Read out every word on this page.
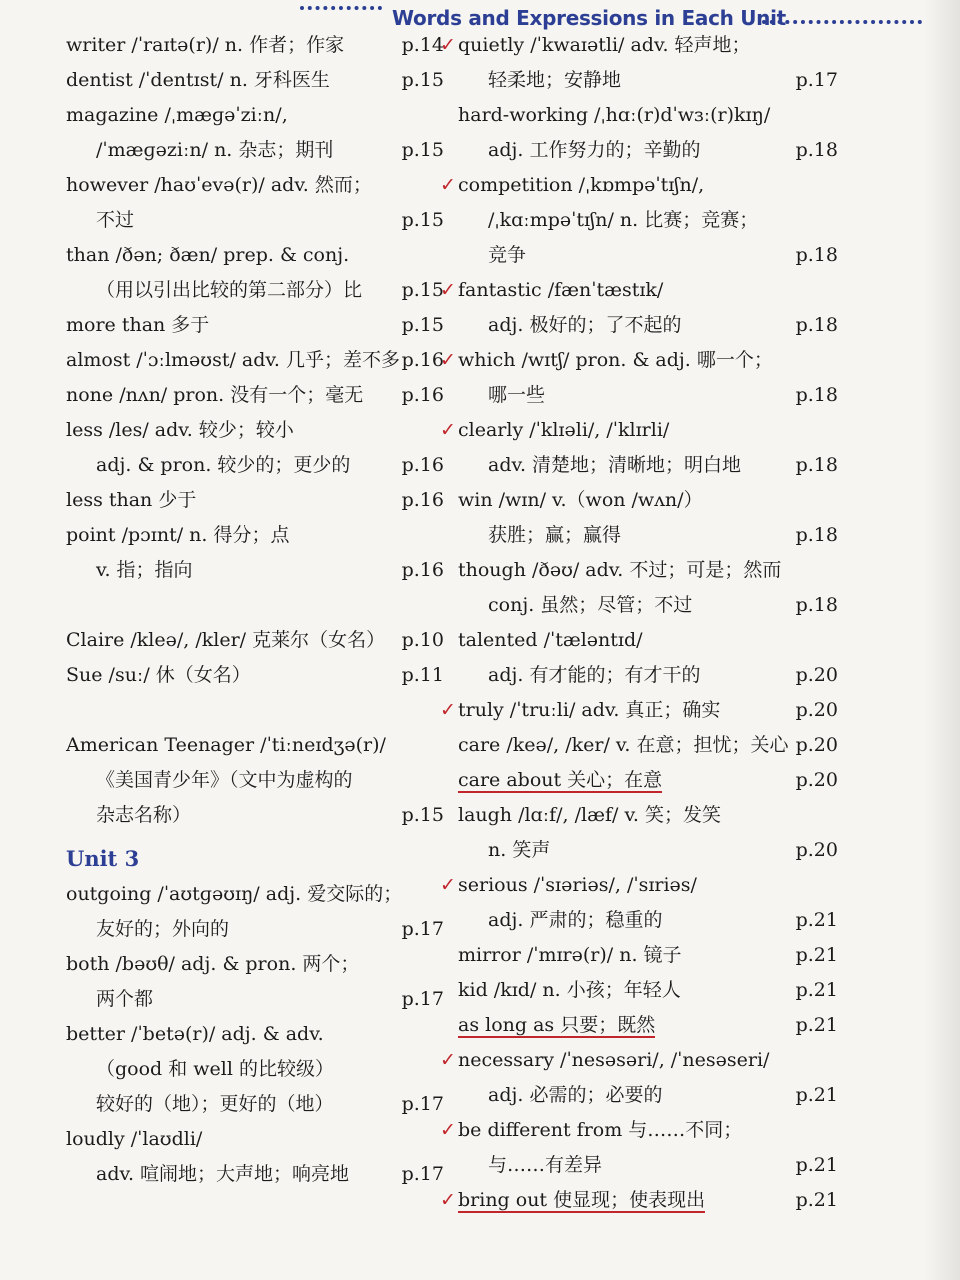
Words and Expressions in Each Unit
writer /ˈraɪtə(r)/ n. 作者；作家	p.14
dentist /ˈdentɪst/ n. 牙科医生	p.15
magazine /ˌmæɡəˈziːn/,
/ˈmæɡəziːn/ n. 杂志；期刊	p.15
however /haʊˈevə(r)/ adv. 然而；
不过	p.15
than /ðən; ðæn/ prep. & conj.
（用以引出比较的第二部分）比 p.15
more than 多于	p.15
almost /ˈɔːlməʊst/ adv. 几乎；差不多 p.16
none /nʌn/ pron. 没有一个；毫无 p.16
less /les/ adv. 较少；较小
adj. & pron. 较少的；更少的	p.16
less than 少于	p.16
point /pɔɪnt/ n. 得分；点
v. 指；指向	p.16
Claire /kleə/, /kler/ 克莱尔（女名） p.10
Sue /suː/ 休（女名）	p.11
American Teenager /ˈtiːneɪdʒə(r)/
《美国青少年》（文中为虚构的
杂志名称）	p.15
Unit 3
outgoing /ˈaʊtɡəʊɪŋ/ adj. 爱交际的；
友好的；外向的	p.17
both /bəʊθ/ adj. & pron. 两个；
两个都	p.17
better /ˈbetə(r)/ adj. & adv.
（good 和 well 的比较级）
较好的（地）；更好的（地）	p.17
loudly /ˈlaʊdli/
adv. 喧闹地；大声地；响亮地	p.17
✓ quietly /ˈkwaɪətli/ adv. 轻声地；
轻柔地；安静地	p.17
hard-working /ˌhɑː(r)dˈwɜː(r)kɪŋ/
adj. 工作努力的；辛勤的	p.18
✓ competition /ˌkɒmpəˈtɪʃn/,
/ˌkɑːmpəˈtɪʃn/ n. 比赛；竞赛；
竞争	p.18
✓ fantastic /fænˈtæstɪk/
adj. 极好的；了不起的	p.18
✓ which /wɪtʃ/ pron. & adj. 哪一个；
哪一些	p.18
✓ clearly /ˈklɪəli/, /ˈklɪrli/
adv. 清楚地；清晰地；明白地	p.18
win /wɪn/ v.（won /wʌn/）
获胜；赢；赢得	p.18
though /ðəʊ/ adv. 不过；可是；然而
conj. 虽然；尽管；不过	p.18
talented /ˈtæləntɪd/
adj. 有才能的；有才干的	p.20
✓ truly /ˈtruːli/ adv. 真正；确实	p.20
care /keə/, /ker/ v. 在意；担忧；关心 p.20
care about 关心；在意	p.20
laugh /lɑːf/, /læf/ v. 笑；发笑
n. 笑声	p.20
✓ serious /ˈsɪəriəs/, /ˈsɪriəs/
adj. 严肃的；稳重的	p.21
mirror /ˈmɪrə(r)/ n. 镜子	p.21
kid /kɪd/ n. 小孩；年轻人	p.21
as long as 只要；既然	p.21
✓ necessary /ˈnesəsəri/, /ˈnesəseri/
adj. 必需的；必要的	p.21
✓ be different from 与……不同；
与……有差异	p.21
✓ bring out 使显现；使表现出	p.21
